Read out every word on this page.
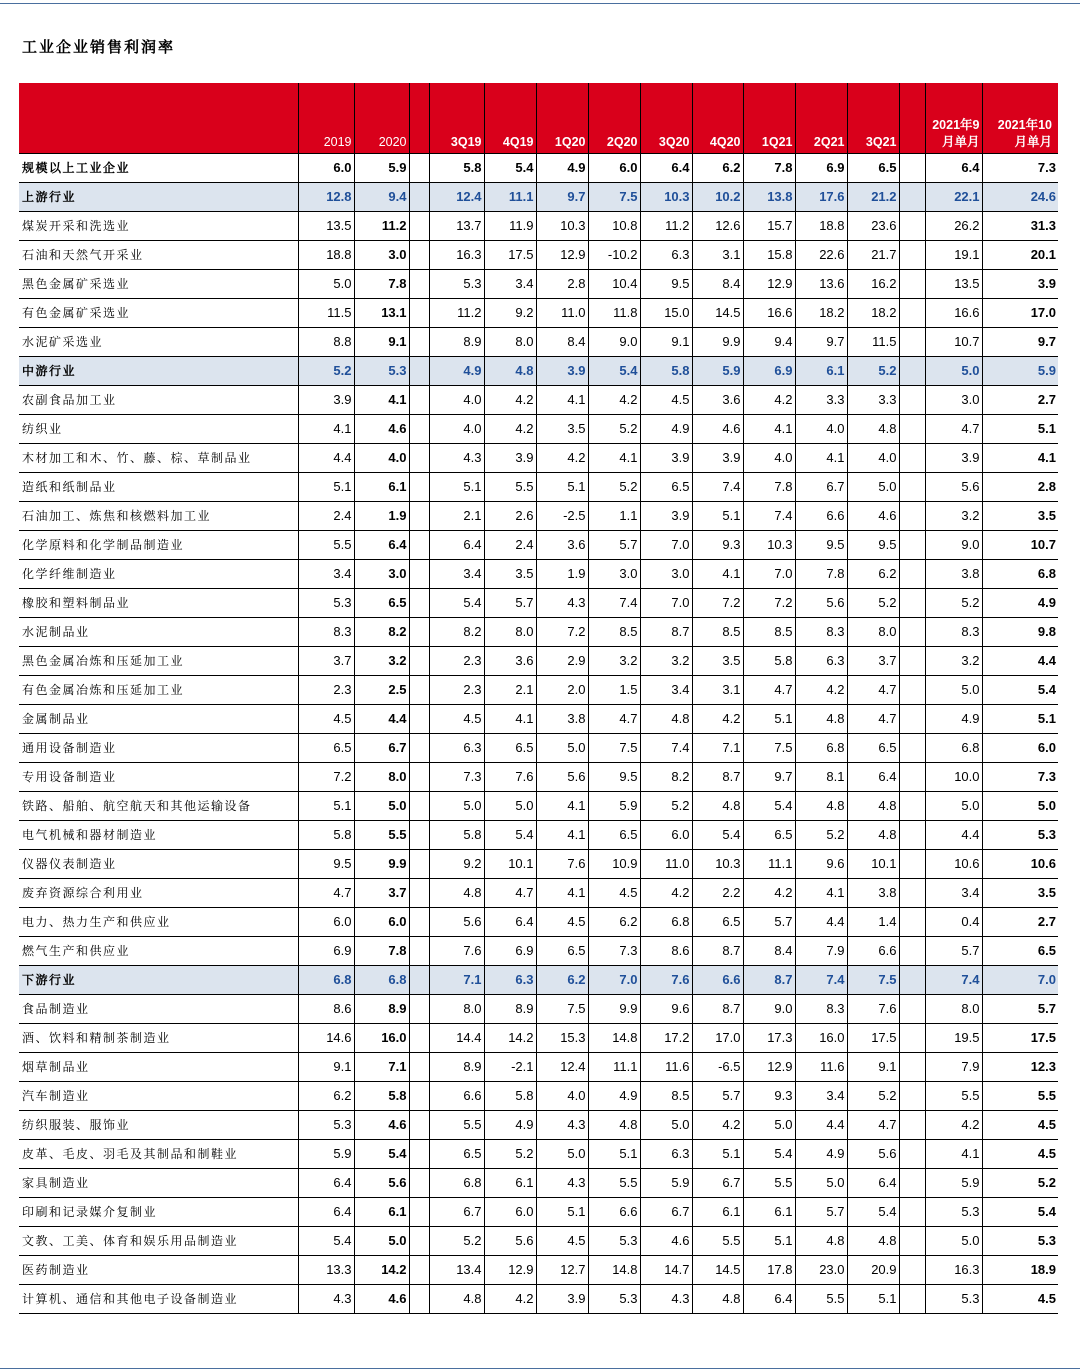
工业企业销售利润率
	2019	2020		3Q19	4Q19	1Q20	2Q20	3Q20	4Q20	1Q21	2Q21	3Q21		2021年9月单月	2021年10月单月
规模以上工业企业	6.0	5.9		5.8	5.4	4.9	6.0	6.4	6.2	7.8	6.9	6.5		6.4	7.3
上游行业	12.8	9.4		12.4	11.1	9.7	7.5	10.3	10.2	13.8	17.6	21.2		22.1	24.6
煤炭开采和洗选业	13.5	11.2		13.7	11.9	10.3	10.8	11.2	12.6	15.7	18.8	23.6		26.2	31.3
石油和天然气开采业	18.8	3.0		16.3	17.5	12.9	-10.2	6.3	3.1	15.8	22.6	21.7		19.1	20.1
黑色金属矿采选业	5.0	7.8		5.3	3.4	2.8	10.4	9.5	8.4	12.9	13.6	16.2		13.5	3.9
有色金属矿采选业	11.5	13.1		11.2	9.2	11.0	11.8	15.0	14.5	16.6	18.2	18.2		16.6	17.0
水泥矿采选业	8.8	9.1		8.9	8.0	8.4	9.0	9.1	9.9	9.4	9.7	11.5		10.7	9.7
中游行业	5.2	5.3		4.9	4.8	3.9	5.4	5.8	5.9	6.9	6.1	5.2		5.0	5.9
农副食品加工业	3.9	4.1		4.0	4.2	4.1	4.2	4.5	3.6	4.2	3.3	3.3		3.0	2.7
纺织业	4.1	4.6		4.0	4.2	3.5	5.2	4.9	4.6	4.1	4.0	4.8		4.7	5.1
木材加工和木、竹、藤、棕、草制品业	4.4	4.0		4.3	3.9	4.2	4.1	3.9	3.9	4.0	4.1	4.0		3.9	4.1
造纸和纸制品业	5.1	6.1		5.1	5.5	5.1	5.2	6.5	7.4	7.8	6.7	5.0		5.6	2.8
石油加工、炼焦和核燃料加工业	2.4	1.9		2.1	2.6	-2.5	1.1	3.9	5.1	7.4	6.6	4.6		3.2	3.5
化学原料和化学制品制造业	5.5	6.4		6.4	2.4	3.6	5.7	7.0	9.3	10.3	9.5	9.5		9.0	10.7
化学纤维制造业	3.4	3.0		3.4	3.5	1.9	3.0	3.0	4.1	7.0	7.8	6.2		3.8	6.8
橡胶和塑料制品业	5.3	6.5		5.4	5.7	4.3	7.4	7.0	7.2	7.2	5.6	5.2		5.2	4.9
水泥制品业	8.3	8.2		8.2	8.0	7.2	8.5	8.7	8.5	8.5	8.3	8.0		8.3	9.8
黑色金属冶炼和压延加工业	3.7	3.2		2.3	3.6	2.9	3.2	3.2	3.5	5.8	6.3	3.7		3.2	4.4
有色金属冶炼和压延加工业	2.3	2.5		2.3	2.1	2.0	1.5	3.4	3.1	4.7	4.2	4.7		5.0	5.4
金属制品业	4.5	4.4		4.5	4.1	3.8	4.7	4.8	4.2	5.1	4.8	4.7		4.9	5.1
通用设备制造业	6.5	6.7		6.3	6.5	5.0	7.5	7.4	7.1	7.5	6.8	6.5		6.8	6.0
专用设备制造业	7.2	8.0		7.3	7.6	5.6	9.5	8.2	8.7	9.7	8.1	6.4		10.0	7.3
铁路、船舶、航空航天和其他运输设备	5.1	5.0		5.0	5.0	4.1	5.9	5.2	4.8	5.4	4.8	4.8		5.0	5.0
电气机械和器材制造业	5.8	5.5		5.8	5.4	4.1	6.5	6.0	5.4	6.5	5.2	4.8		4.4	5.3
仪器仪表制造业	9.5	9.9		9.2	10.1	7.6	10.9	11.0	10.3	11.1	9.6	10.1		10.6	10.6
废弃资源综合利用业	4.7	3.7		4.8	4.7	4.1	4.5	4.2	2.2	4.2	4.1	3.8		3.4	3.5
电力、热力生产和供应业	6.0	6.0		5.6	6.4	4.5	6.2	6.8	6.5	5.7	4.4	1.4		0.4	2.7
燃气生产和供应业	6.9	7.8		7.6	6.9	6.5	7.3	8.6	8.7	8.4	7.9	6.6		5.7	6.5
下游行业	6.8	6.8		7.1	6.3	6.2	7.0	7.6	6.6	8.7	7.4	7.5		7.4	7.0
食品制造业	8.6	8.9		8.0	8.9	7.5	9.9	9.6	8.7	9.0	8.3	7.6		8.0	5.7
酒、饮料和精制茶制造业	14.6	16.0		14.4	14.2	15.3	14.8	17.2	17.0	17.3	16.0	17.5		19.5	17.5
烟草制品业	9.1	7.1		8.9	-2.1	12.4	11.1	11.6	-6.5	12.9	11.6	9.1		7.9	12.3
汽车制造业	6.2	5.8		6.6	5.8	4.0	4.9	8.5	5.7	9.3	3.4	5.2		5.5	5.5
纺织服装、服饰业	5.3	4.6		5.5	4.9	4.3	4.8	5.0	4.2	5.0	4.4	4.7		4.2	4.5
皮革、毛皮、羽毛及其制品和制鞋业	5.9	5.4		6.5	5.2	5.0	5.1	6.3	5.1	5.4	4.9	5.6		4.1	4.5
家具制造业	6.4	5.6		6.8	6.1	4.3	5.5	5.9	6.7	5.5	5.0	6.4		5.9	5.2
印刷和记录媒介复制业	6.4	6.1		6.7	6.0	5.1	6.6	6.7	6.1	6.1	5.7	5.4		5.3	5.4
文教、工美、体育和娱乐用品制造业	5.4	5.0		5.2	5.6	4.5	5.3	4.6	5.5	5.1	4.8	4.8		5.0	5.3
医药制造业	13.3	14.2		13.4	12.9	12.7	14.8	14.7	14.5	17.8	23.0	20.9		16.3	18.9
计算机、通信和其他电子设备制造业	4.3	4.6		4.8	4.2	3.9	5.3	4.3	4.8	6.4	5.5	5.1		5.3	4.5
